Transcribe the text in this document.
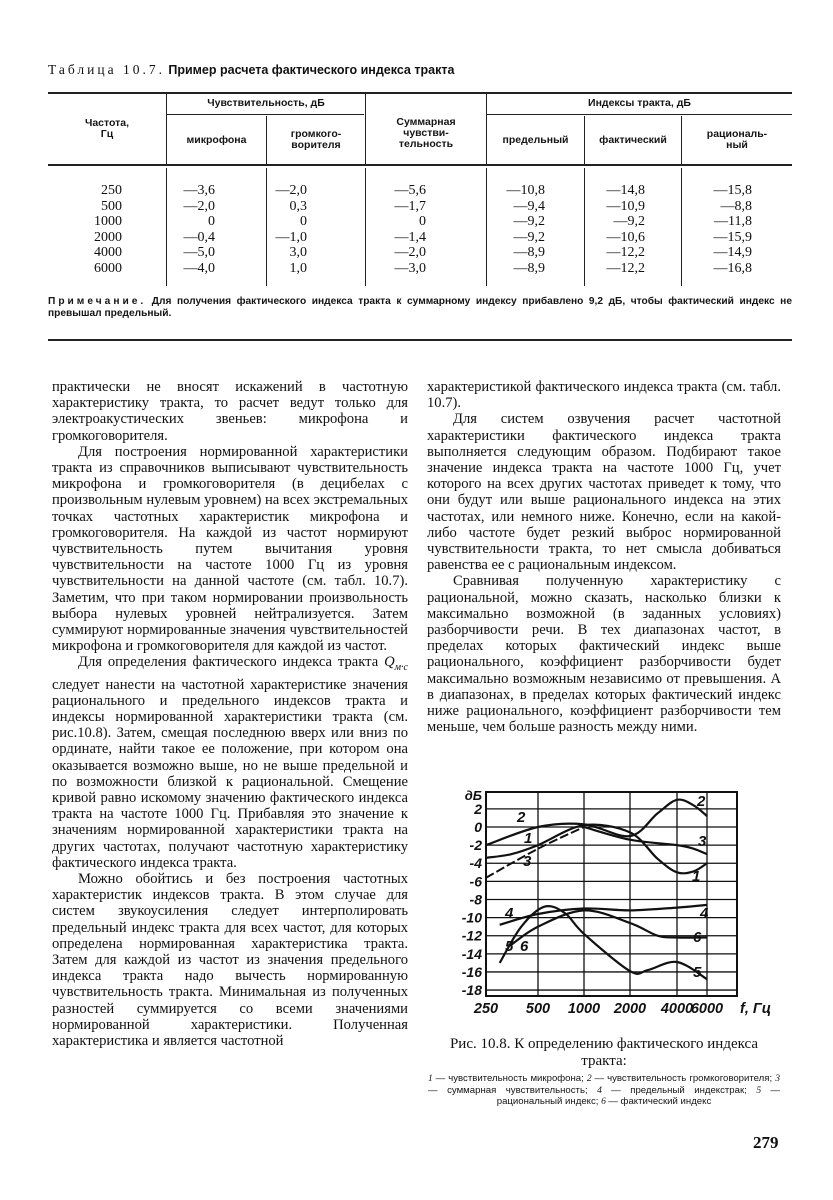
Таблица 10.7. Пример расчета фактического индекса тракта
Частота,
Гц
Чувствительность, дБ
микрофона	громкого-
ворителя
Суммарная
чувстви-
тельность
Индексы тракта, дБ
предельный	фактический	рациональ-
ный
250	—3,6	—2,0	—5,6	—10,8	—14,8	—15,8
500	—2,0	0,3	—1,7	—9,4	—10,9	—8,8
1000	0	0	0	—9,2	—9,2	—11,8
2000	—0,4	—1,0	—1,4	—9,2	—10,6	—15,9
4000	—5,0	3,0	—2,0	—8,9	—12,2	—14,9
6000	—4,0	1,0	—3,0	—8,9	—12,2	—16,8
Примечание. Для получения фактического индекса тракта к суммарному индексу прибавлено 9,2 дБ, чтобы фактический индекс не превышал предельный.

практически не вносят искажений в частотную характеристику тракта, то расчет ведут только для электроакустических звеньев: микрофона и громкоговорителя.

Для построения нормированной характеристики тракта из справочников выписывают чувствительность микрофона и громкоговорителя (в децибелах с произвольным нулевым уровнем) на всех экстремальных точках частотных характеристик микрофона и громкоговорителя. На каждой из частот нормируют чувствительность путем вычитания уровня чувствительности на частоте 1000 Гц из уровня чувствительности на данной частоте (см. табл. 10.7). Заметим, что при таком нормировании произвольность выбора нулевых уровней нейтрализуется. Затем суммируют нормированные значения чувствительностей микрофона и громкоговорителя для каждой из частот.

Для определения фактического индекса тракта $Q_{м\cdot с}$ следует нанести на частотной характеристике значения рационального и предельного индексов тракта и индексы нормированной характеристики тракта (см. рис.10.8). Затем, смещая последнюю вверх или вниз по ординате, найти такое ее положение, при котором она оказывается возможно выше, но не выше предельной и по возможности близкой к рациональной. Смещение кривой равно искомому значению фактического индекса тракта на частоте 1000 Гц. Прибавляя это значение к значениям нормированной характеристики тракта на других частотах, получают частотную характеристику фактического индекса тракта.

Можно обойтись и без построения частотных характеристик индексов тракта. В этом случае для систем звукоусиления следует интерполировать предельный индекс тракта для всех частот, для которых определена нормированная характеристика тракта. Затем для каждой из частот из значения предельного индекса тракта надо вычесть нормированную чувствительность тракта. Минимальная из полученных разностей суммируется со всеми значениями нормированной характеристики. Полученная характеристика и является частотной

характеристикой фактического индекса тракта (см. табл. 10.7).

Для систем озвучения расчет частотной характеристики фактического индекса тракта выполняется следующим образом. Подбирают такое значение индекса тракта на частоте 1000 Гц, учет которого на всех других частотах приведет к тому, что они будут или выше рационального индекса на этих частотах, или немного ниже. Конечно, если на какой-либо частоте будет резкий выброс нормированной чувствительности тракта, то нет смысла добиваться равенства ее с рациональным индексом.

Сравнивая полученную характеристику с рациональной, можно сказать, насколько близки к максимально возможной (в заданных условиях) разборчивости речи. В тех диапазонах частот, в пределах которых фактический индекс выше рационального, коэффициент разборчивости будет максимально возможным независимо от превышения. А в диапазонах, в пределах которых фактический индекс ниже рационального, коэффициент разборчивости тем меньше, чем больше разность между ними.

2
0
-2
-4
-6
-8
-10
-12
-14
-16
-18
дБ
250 500 1000 2000 4000
6000 f, Гц
2
1
3
2
3
1
4
6
5
4
5 6
Рис. 10.8. К определению фактического индекса тракта:
1 — чувствительность микрофона; 2 — чувствительность громкоговорителя; 3 — суммарная чувствительность; 4 — предельный индекстрак; 5 — рациональный индекс; 6 — фактический индекс
279
